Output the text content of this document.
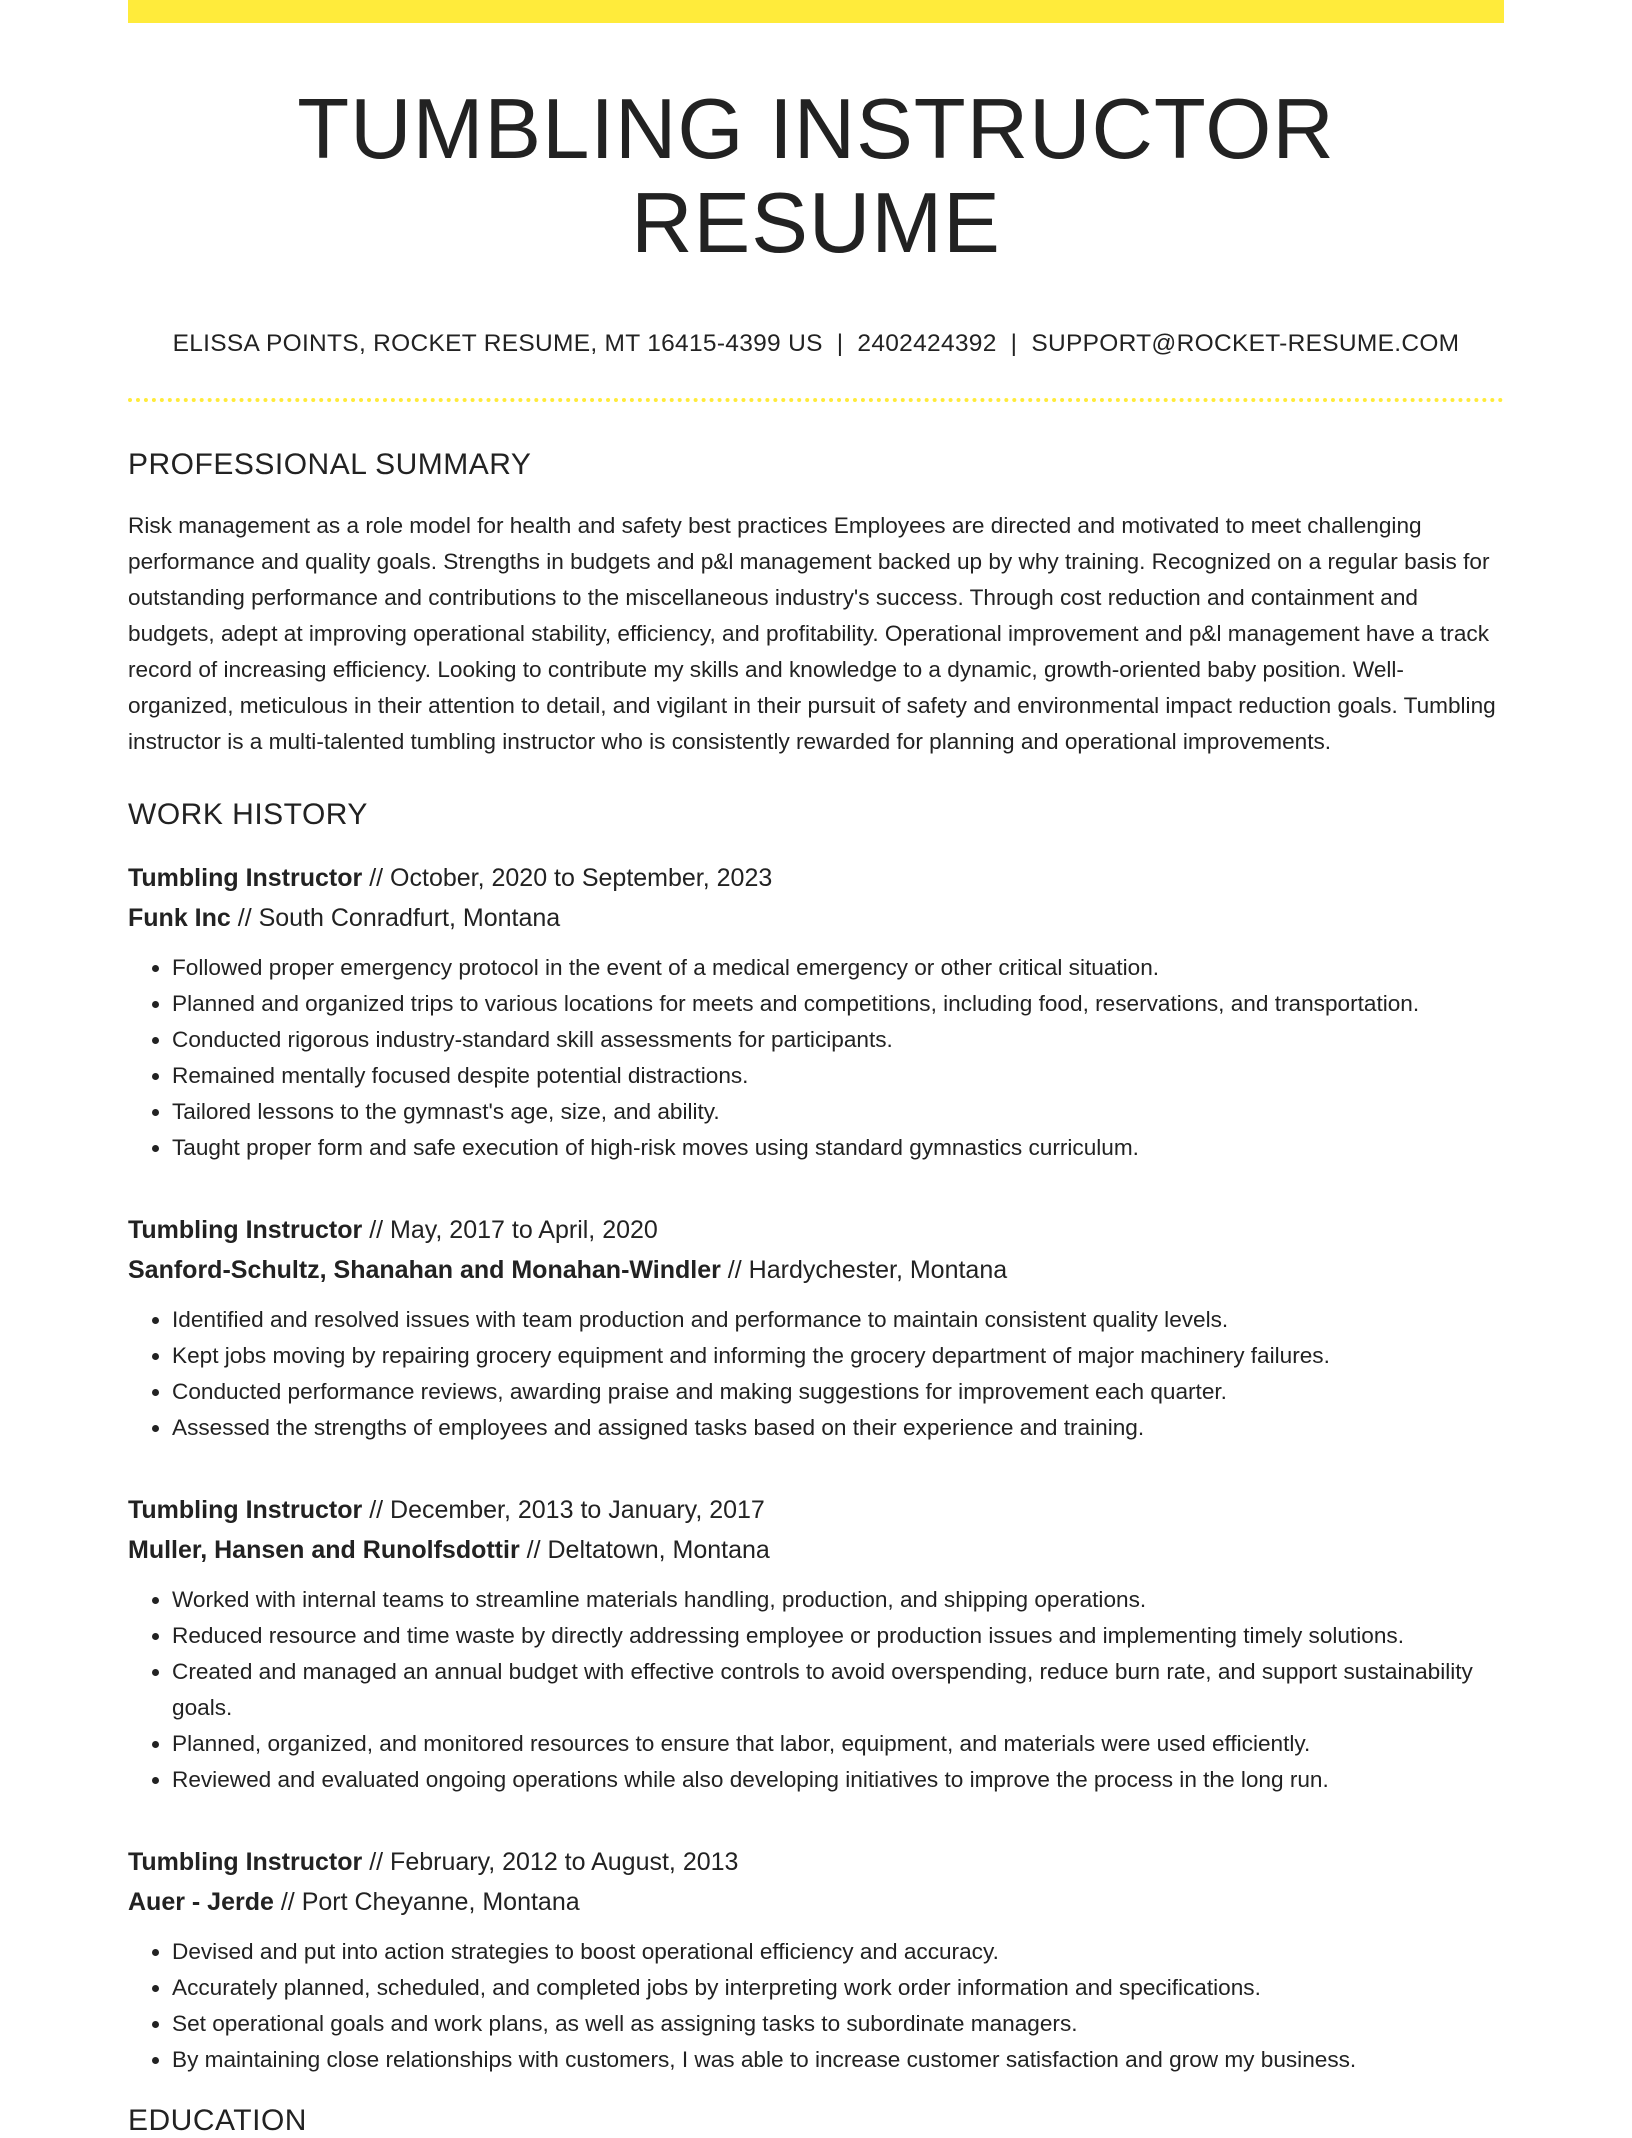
TUMBLING INSTRUCTOR RESUME
ELISSA POINTS, ROCKET RESUME, MT 16415-4399 US | 2402424392 | SUPPORT@ROCKET-RESUME.COM
PROFESSIONAL SUMMARY

Risk management as a role model for health and safety best practices Employees are directed and motivated to meet challenging performance and quality goals. Strengths in budgets and p&l management backed up by why training. Recognized on a regular basis for outstanding performance and contributions to the miscellaneous industry's success. Through cost reduction and containment and budgets, adept at improving operational stability, efficiency, and profitability. Operational improvement and p&l management have a track record of increasing efficiency. Looking to contribute my skills and knowledge to a dynamic, growth-oriented baby position. Well-organized, meticulous in their attention to detail, and vigilant in their pursuit of safety and environmental impact reduction goals. Tumbling instructor is a multi-talented tumbling instructor who is consistently rewarded for planning and operational improvements.

WORK HISTORY
Tumbling Instructor // October, 2020 to September, 2023
Funk Inc // South Conradfurt, Montana
• Followed proper emergency protocol in the event of a medical emergency or other critical situation.
• Planned and organized trips to various locations for meets and competitions, including food, reservations, and transportation.
• Conducted rigorous industry-standard skill assessments for participants.
• Remained mentally focused despite potential distractions.
• Tailored lessons to the gymnast's age, size, and ability.
• Taught proper form and safe execution of high-risk moves using standard gymnastics curriculum.
Tumbling Instructor // May, 2017 to April, 2020
Sanford-Schultz, Shanahan and Monahan-Windler // Hardychester, Montana
• Identified and resolved issues with team production and performance to maintain consistent quality levels.
• Kept jobs moving by repairing grocery equipment and informing the grocery department of major machinery failures.
• Conducted performance reviews, awarding praise and making suggestions for improvement each quarter.
• Assessed the strengths of employees and assigned tasks based on their experience and training.
Tumbling Instructor // December, 2013 to January, 2017
Muller, Hansen and Runolfsdottir // Deltatown, Montana
• Worked with internal teams to streamline materials handling, production, and shipping operations.
• Reduced resource and time waste by directly addressing employee or production issues and implementing timely solutions.
• Created and managed an annual budget with effective controls to avoid overspending, reduce burn rate, and support sustainability goals.
• Planned, organized, and monitored resources to ensure that labor, equipment, and materials were used efficiently.
• Reviewed and evaluated ongoing operations while also developing initiatives to improve the process in the long run.
Tumbling Instructor // February, 2012 to August, 2013
Auer - Jerde // Port Cheyanne, Montana
• Devised and put into action strategies to boost operational efficiency and accuracy.
• Accurately planned, scheduled, and completed jobs by interpreting work order information and specifications.
• Set operational goals and work plans, as well as assigning tasks to subordinate managers.
• By maintaining close relationships with customers, I was able to increase customer satisfaction and grow my business.
EDUCATION
